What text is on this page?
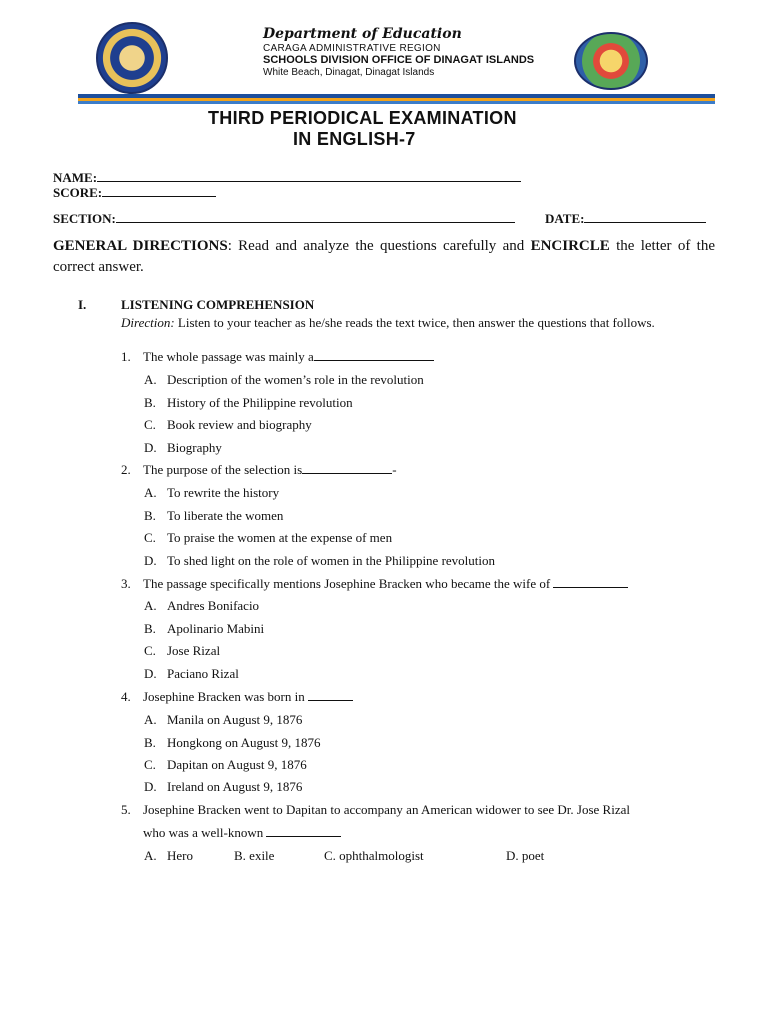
Department of Education
CARAGA ADMINISTRATIVE REGION
SCHOOLS DIVISION OFFICE OF DINAGAT ISLANDS
White Beach, Dinagat, Dinagat Islands
THIRD PERIODICAL EXAMINATION
IN ENGLISH-7
NAME:
SCORE:
SECTION:	DATE:
GENERAL DIRECTIONS: Read and analyze the questions carefully and ENCIRCLE the letter of the correct answer.
I.	LISTENING COMPREHENSION
Direction: Listen to your teacher as he/she reads the text twice, then answer the questions that follows.
1. The whole passage was mainly a
A. Description of the women’s role in the revolution
B. History of the Philippine revolution
C. Book review and biography
D. Biography
2. The purpose of the selection is	-
A. To rewrite the history
B. To liberate the women
C. To praise the women at the expense of men
D. To shed light on the role of women in the Philippine revolution
3. The passage specifically mentions Josephine Bracken who became the wife of
A. Andres Bonifacio
B. Apolinario Mabini
C. Jose Rizal
D. Paciano Rizal
4. Josephine Bracken was born in
A. Manila on August 9, 1876
B. Hongkong on August 9, 1876
C. Dapitan on August 9, 1876
D. Ireland on August 9, 1876
5. Josephine Bracken went to Dapitan to accompany an American widower to see Dr. Jose Rizal
who was a well-known
A. Hero	B. exile	C. ophthalmologist	D. poet
